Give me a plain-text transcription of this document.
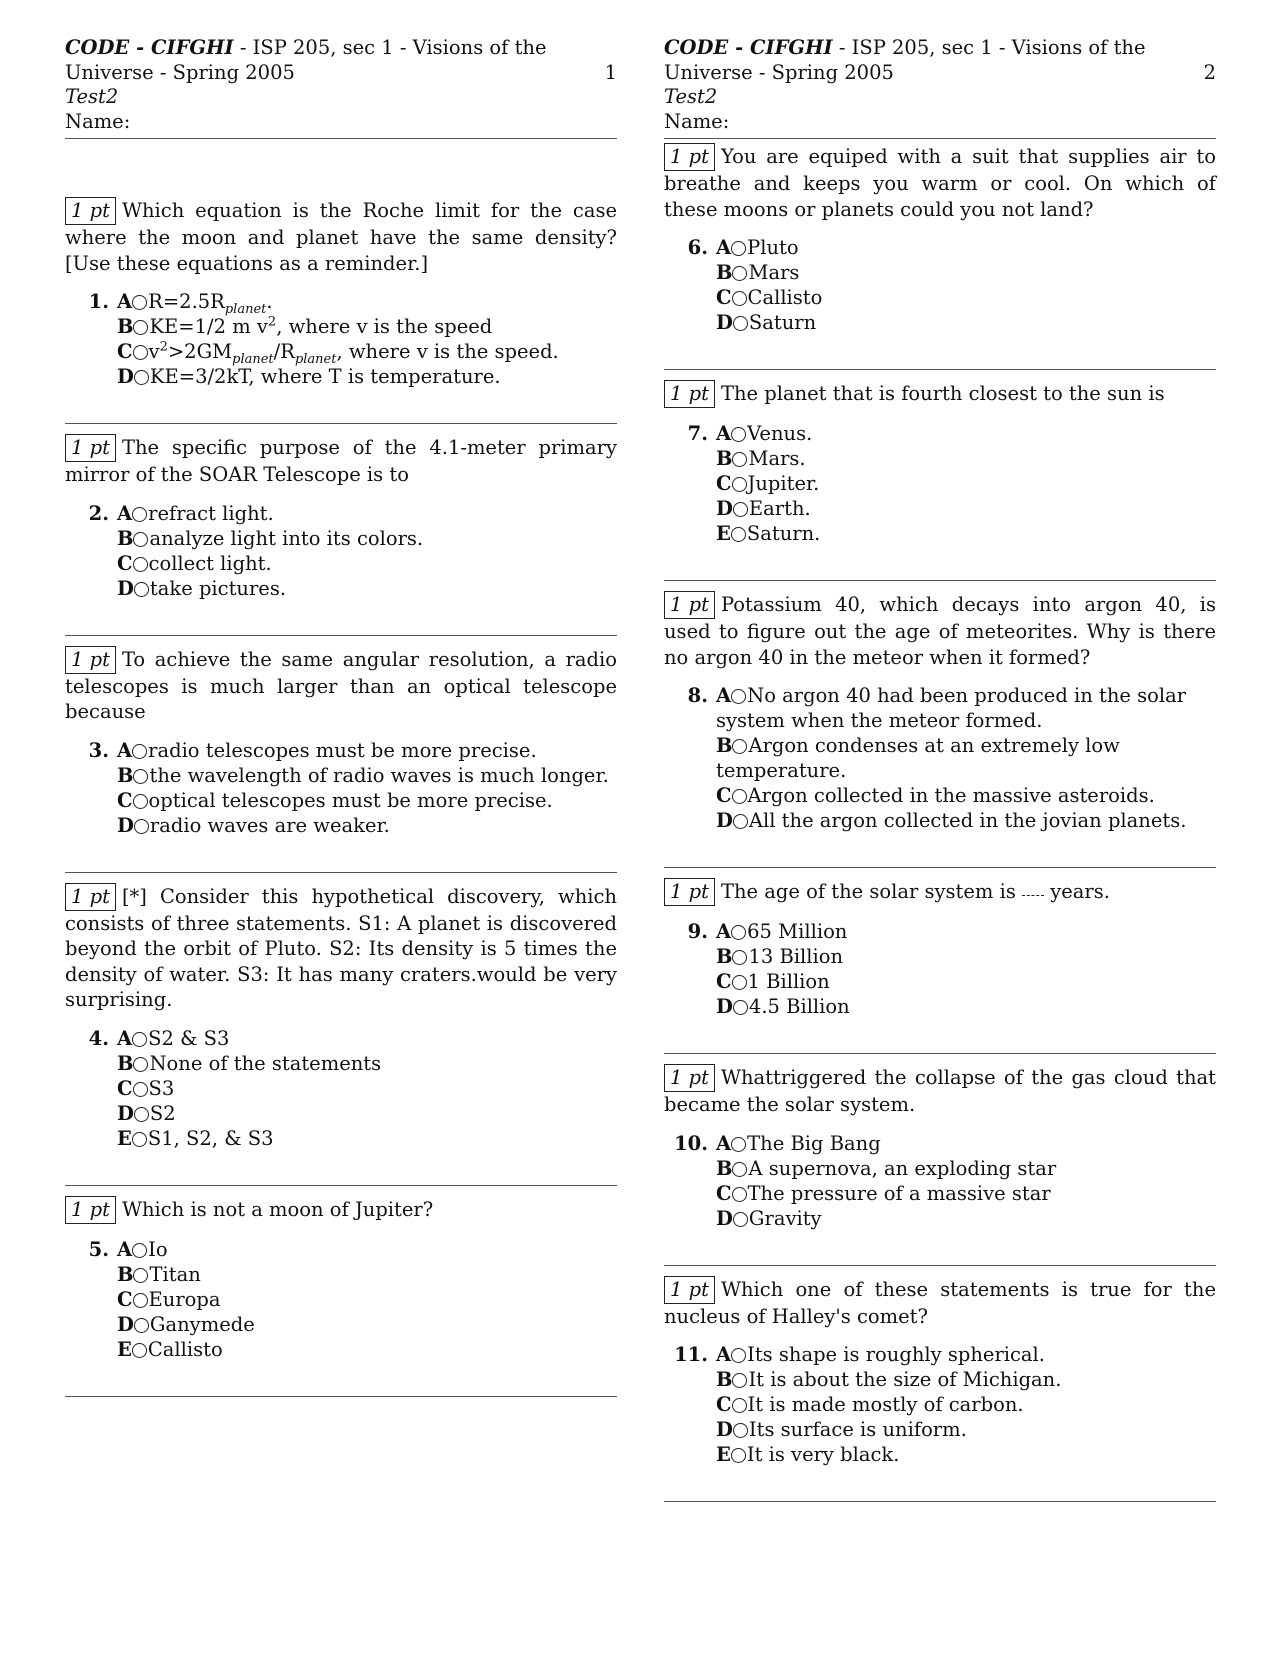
CODE - CIFGHI - ISP 205, sec 1 - Visions of the
Universe - Spring 2005	1
Test2
Name:
1 pt Which equation is the Roche limit for the case where the moon and planet have the same density? [Use these equations as a reminder.]
1. A $R=2.5R_{planet}$.
B KE=1/2 m $v^2$, where v is the speed
C $v^2>2GM_{planet}/R_{planet}$, where v is the speed.
D KE=3/2kT, where T is temperature.
1 pt The specific purpose of the 4.1-meter primary mirror of the SOAR Telescope is to
2. A refract light.
B analyze light into its colors.
C collect light.
D take pictures.
1 pt To achieve the same angular resolution, a radio telescopes is much larger than an optical telescope because
3. A radio telescopes must be more precise.
B the wavelength of radio waves is much longer.
C optical telescopes must be more precise.
D radio waves are weaker.
1 pt [*] Consider this hypothetical discovery, which consists of three statements. S1: A planet is discovered beyond the orbit of Pluto. S2: Its density is 5 times the density of water. S3: It has many craters.would be very surprising.
4. A S2 & S3
B None of the statements
C S3
D S2
E S1, S2, & S3
1 pt Which is not a moon of Jupiter?
5. A Io
B Titan
C Europa
D Ganymede
E Callisto
CODE - CIFGHI - ISP 205, sec 1 - Visions of the
Universe - Spring 2005	2
Test2
Name:
1 pt You are equiped with a suit that supplies air to breathe and keeps you warm or cool. On which of these moons or planets could you not land?
6. A Pluto
B Mars
C Callisto
D Saturn
1 pt The planet that is fourth closest to the sun is
7. A Venus.
B Mars.
C Jupiter.
D Earth.
E Saturn.
1 pt Potassium 40, which decays into argon 40, is used to figure out the age of meteorites. Why is there no argon 40 in the meteor when it formed?
8. A No argon 40 had been produced in the solar system when the meteor formed.
B Argon condenses at an extremely low temperature.
C Argon collected in the massive asteroids.
D All the argon collected in the jovian planets.
1 pt The age of the solar system is  years.
9. A 65 Million
B 13 Billion
C 1 Billion
D 4.5 Billion
1 pt Whattriggered the collapse of the gas cloud that became the solar system.
10. A The Big Bang
B A supernova, an exploding star
C The pressure of a massive star
D Gravity
1 pt Which one of these statements is true for the nucleus of Halley's comet?
11. A Its shape is roughly spherical.
B It is about the size of Michigan.
C It is made mostly of carbon.
D Its surface is uniform.
E It is very black.
